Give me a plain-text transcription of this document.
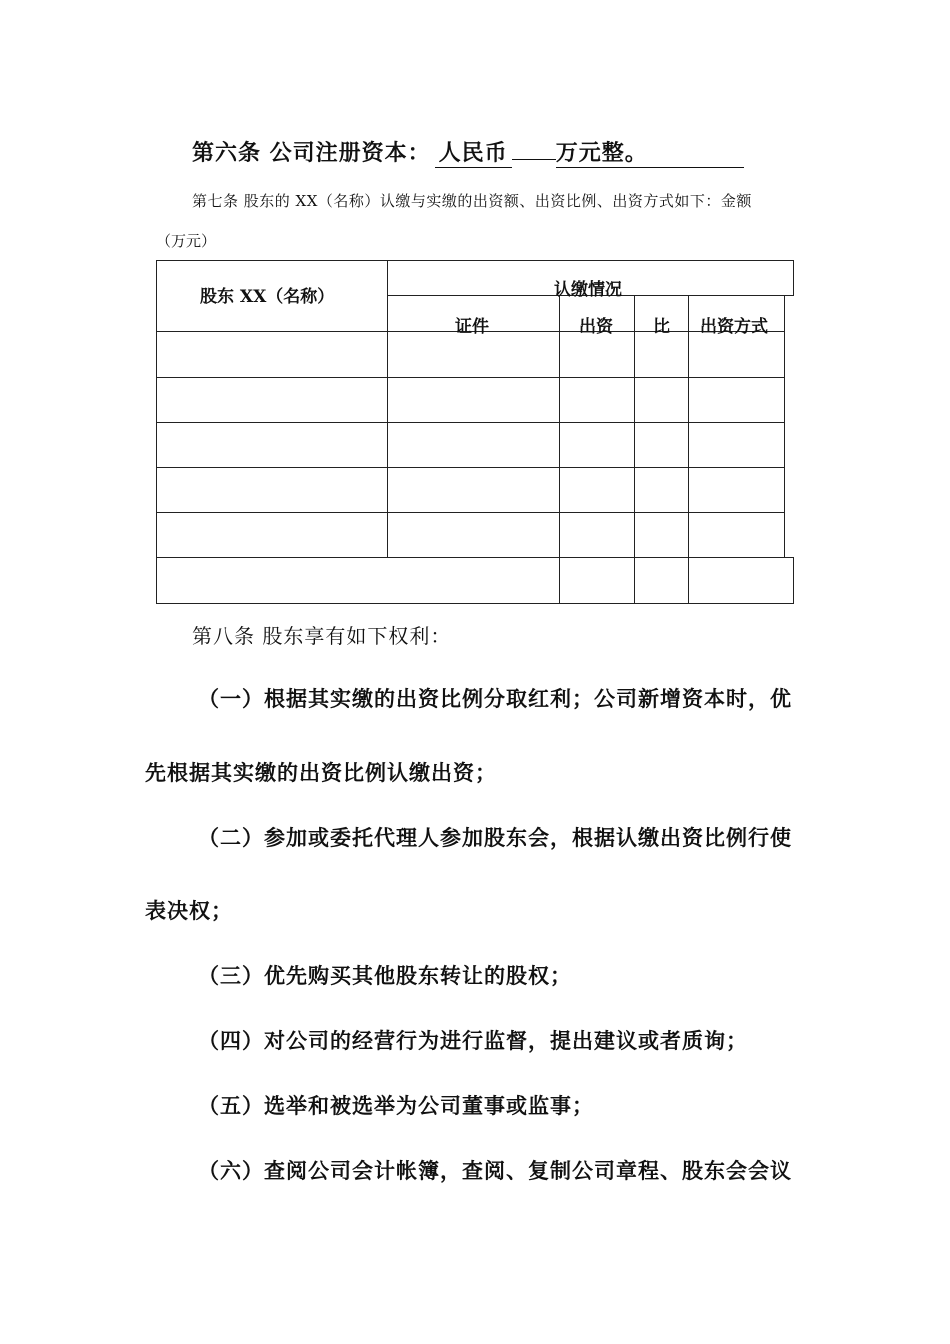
第六条 公司注册资本： 人民币 万元整。
第七条 股东的 XX（名称）认缴与实缴的出资额、出资比例、出资方式如下：金额
（万元）
股东 XX（名称）	认缴情况
证件	出资 比 出资方式
第八条 股东享有如下权利：
（一）根据其实缴的出资比例分取红利；公司新增资本时，优
先根据其实缴的出资比例认缴出资；
（二）参加或委托代理人参加股东会，根据认缴出资比例行使
表决权；
（三）优先购买其他股东转让的股权；
（四）对公司的经营行为进行监督，提出建议或者质询；
（五）选举和被选举为公司董事或监事；
（六）查阅公司会计帐簿，查阅、复制公司章程、股东会会议
